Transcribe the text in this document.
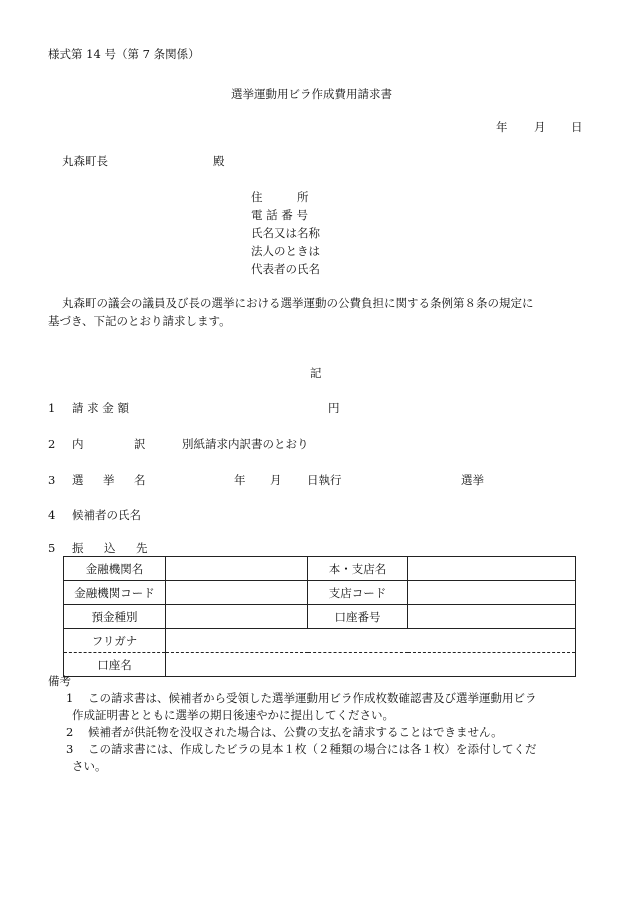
様式第 14 号（第 7 条関係）
選挙運動用ビラ作成費用請求書
年 月 日
丸森町長	殿
住　　　所
電 話 番 号
氏名又は名称
法人のときは
代表者の氏名
丸森町の議会の議員及び長の選挙における選挙運動の公費負担に関する条例第８条の規定に
基づき、下記のとおり請求します。
記
1 請 求 金 額	円
2 内	訳	別紙請求内訳書のとおり
3 選 挙 名	年 月 日執行	選挙
4 候補者の氏名
5 振 込 先
金融機関名		本・支店名	
金融機関コード		支店コード	
預金種別		口座番号	
フリガナ			
口座名			
備考
1 この請求書は、候補者から受領した選挙運動用ビラ作成枚数確認書及び選挙運動用ビラ
作成証明書とともに選挙の期日後速やかに提出してください。
2 候補者が供託物を没収された場合は、公費の支払を請求することはできません。
3 この請求書には、作成したビラの見本１枚（２種類の場合には各１枚）を添付してくだ
さい。
